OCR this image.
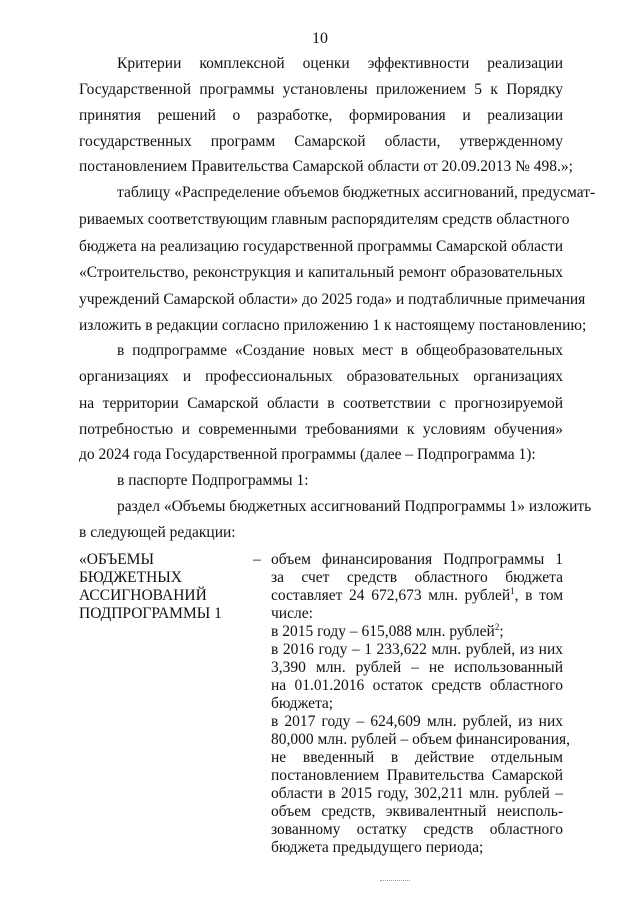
10
Критерии комплексной оценки эффективности реализации
Государственной программы установлены приложением 5 к Порядку
принятия решений о разработке, формирования и реализации
государственных программ Самарской области, утвержденному
постановлением Правительства Самарской области от 20.09.2013 № 498.»;
таблицу «Распределение объемов бюджетных ассигнований, предусмат-
риваемых соответствующим главным распорядителям средств областного
бюджета на реализацию государственной программы Самарской области
«Строительство, реконструкция и капитальный ремонт образовательных
учреждений Самарской области» до 2025 года» и подтабличные примечания
изложить в редакции согласно приложению 1 к настоящему постановлению;
в подпрограмме «Создание новых мест в общеобразовательных
организациях и профессиональных образовательных организациях
на территории Самарской области в соответствии с прогнозируемой
потребностью и современными требованиями к условиям обучения»
до 2024 года Государственной программы (далее – Подпрограмма 1):
в паспорте Подпрограммы 1:
раздел «Объемы бюджетных ассигнований Подпрограммы 1» изложить
в следующей редакции:
«ОБЪЕМЫ
БЮДЖЕТНЫХ
АССИГНОВАНИЙ
ПОДПРОГРАММЫ 1
– объем финансирования Подпрограммы 1
за счет средств областного бюджета
составляет 24 672,673 млн. рублей$^1$, в том
числе:
в 2015 году – 615,088 млн. рублей$^2$;
в 2016 году – 1 233,622 млн. рублей, из них
3,390 млн. рублей – не использованный
на 01.01.2016 остаток средств областного
бюджета;
в 2017 году – 624,609 млн. рублей, из них
80,000 млн. рублей – объем финансирования,
не введенный в действие отдельным
постановлением Правительства Самарской
области в 2015 году, 302,211 млн. рублей –
объем средств, эквивалентный неисполь-
зованному остатку средств областного
бюджета предыдущего периода;
